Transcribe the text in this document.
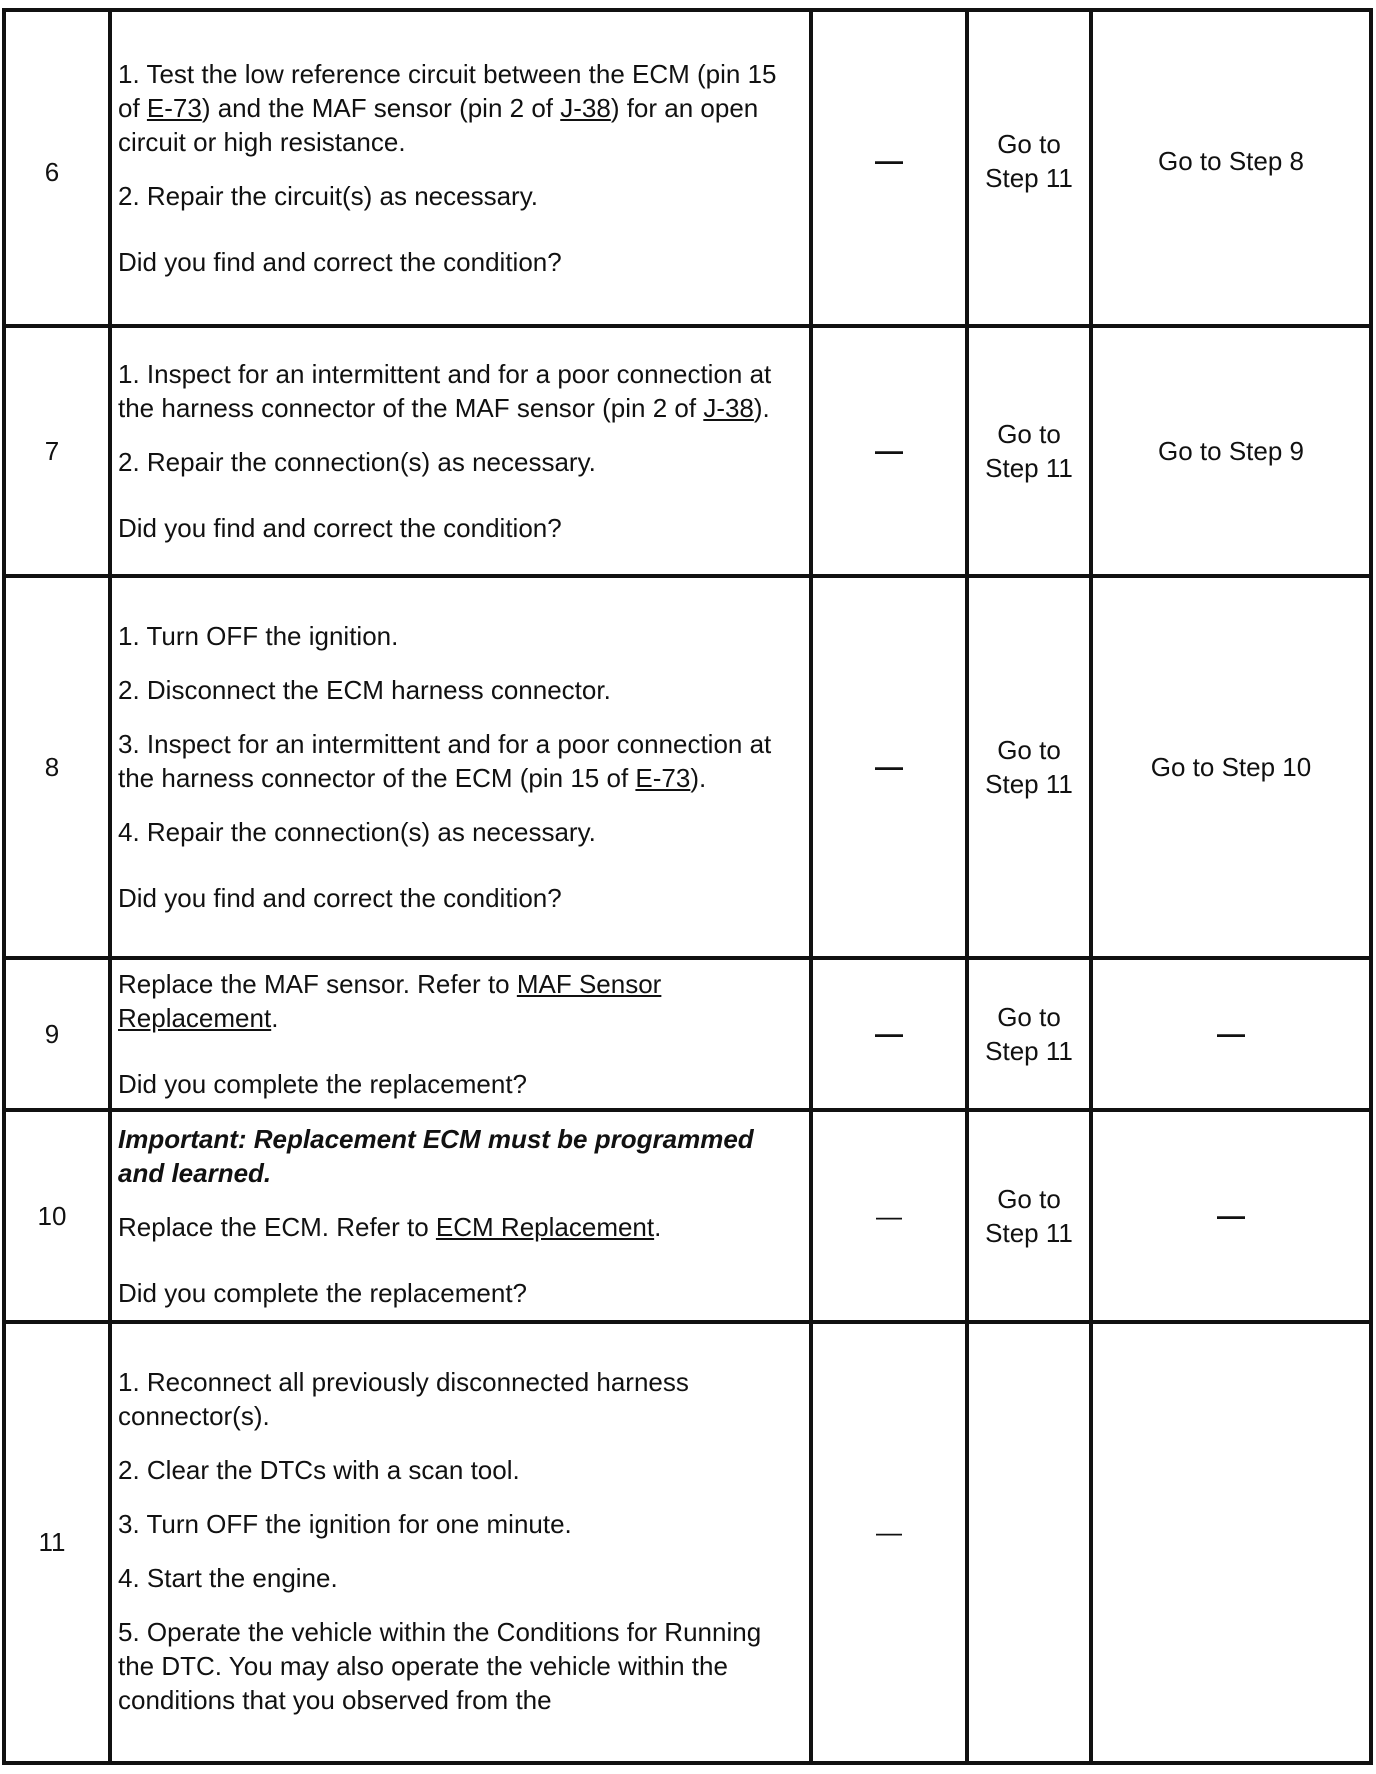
6	1. Test the low reference circuit between the ECM (pin 15 of E-73) and the MAF sensor (pin 2 of J-38) for an open circuit or high resistance.

2. Repair the circuit(s) as necessary.

Did you find and correct the condition?	—	Go to Step 11	Go to Step 8
7	1. Inspect for an intermittent and for a poor connection at the harness connector of the MAF sensor (pin 2 of J-38).

2. Repair the connection(s) as necessary.

Did you find and correct the condition?	—	Go to Step 11	Go to Step 9
8	1. Turn OFF the ignition.

2. Disconnect the ECM harness connector.

3. Inspect for an intermittent and for a poor connection at the harness connector of the ECM (pin 15 of E-73).

4. Repair the connection(s) as necessary.

Did you find and correct the condition?	—	Go to Step 11	Go to Step 10
9	Replace the MAF sensor. Refer to MAF Sensor Replacement.

Did you complete the replacement?	—	Go to Step 11	—
10	Important: Replacement ECM must be programmed and learned.

Replace the ECM. Refer to ECM Replacement.

Did you complete the replacement?	—	Go to Step 11	—
11	1. Reconnect all previously disconnected harness connector(s).

2. Clear the DTCs with a scan tool.

3. Turn OFF the ignition for one minute.

4. Start the engine.

5. Operate the vehicle within the Conditions for Running the DTC. You may also operate the vehicle within the conditions that you observed from the	—		
